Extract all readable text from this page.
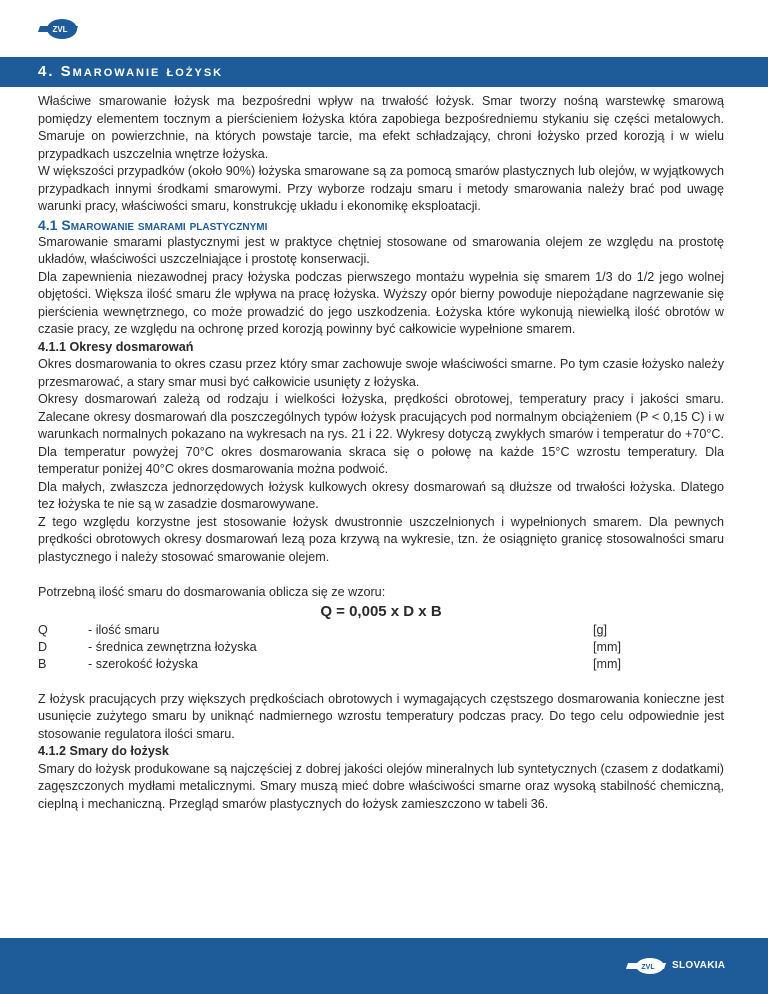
ZVL
4. Smarowanie łożysk

Właściwe smarowanie łożysk ma bezpośredni wpływ na trwałość łożysk. Smar tworzy nośną warstewkę smarową pomiędzy elementem tocznym a pierścieniem łożyska która zapobiega bezpośredniemu stykaniu się części metalowych. Smaruje on powierzchnie, na których powstaje tarcie, ma efekt schładzający, chroni łożysko przed korozją i w wielu przypadkach uszczelnia wnętrze łożyska.

W większości przypadków (około 90%) łożyska smarowane są za pomocą smarów plastycznych lub olejów, w wyjątkowych przypadkach innymi środkami smarowymi. Przy wyborze rodzaju smaru i metody smarowania należy brać pod uwagę warunki pracy, właściwości smaru, konstrukcję układu i ekonomikę eksploatacji.

4.1 Smarowanie smarami plastycznymi

Smarowanie smarami plastycznymi jest w praktyce chętniej stosowane od smarowania olejem ze względu na prostotę układów, właściwości uszczelniające i prostotę konserwacji.

Dla zapewnienia niezawodnej pracy łożyska podczas pierwszego montażu wypełnia się smarem 1/3 do 1/2 jego wolnej objętości. Większa ilość smaru źle wpływa na pracę łożyska. Wyższy opór bierny powoduje niepożądane nagrzewanie się pierścienia wewnętrznego, co może prowadzić do jego uszkodzenia. Łożyska które wykonują niewielką ilość obrotów w czasie pracy, ze względu na ochronę przed korozją powinny być całkowicie wypełnione smarem.

4.1.1 Okresy dosmarowań

Okres dosmarowania to okres czasu przez który smar zachowuje swoje właściwości smarne. Po tym czasie łożysko należy przesmarować, a stary smar musi być całkowicie usunięty z łożyska.

Okresy dosmarowań zależą od rodzaju i wielkości łożyska, prędkości obrotowej, temperatury pracy i jakości smaru. Zalecane okresy dosmarowań dla poszczególnych typów łożysk pracujących pod normalnym obciążeniem (P < 0,15 C) i w warunkach normalnych pokazano na wykresach na rys. 21 i 22. Wykresy dotyczą zwykłych smarów i temperatur do +70°C. Dla temperatur powyżej 70°C okres dosmarowania skraca się o połowę na każde 15°C wzrostu temperatury. Dla temperatur poniżej 40°C okres dosmarowania można podwoić.

Dla małych, zwłaszcza jednorzędowych łożysk kulkowych okresy dosmarowań są dłuższe od trwałości łożyska. Dlatego tez łożyska te nie są w zasadzie dosmarowywane.

Z tego względu korzystne jest stosowanie łożysk dwustronnie uszczelnionych i wypełnionych smarem. Dla pewnych prędkości obrotowych okresy dosmarowań lezą poza krzywą na wykresie, tzn. że osiągnięto granicę stosowalności smaru plastycznego i należy stosować smarowanie olejem.

Potrzebną ilość smaru do dosmarowania oblicza się ze wzoru:

Q = 0,005 x D x B

Q	- ilość smaru	[g]
D	- średnica zewnętrzna łożyska	[mm]
B	- szerokość łożyska	[mm]

Z łożysk pracujących przy większych prędkościach obrotowych i wymagających częstszego dosmarowania konieczne jest usunięcie zużytego smaru by uniknąć nadmiernego wzrostu temperatury podczas pracy. Do tego celu odpowiednie jest stosowanie regulatora ilości smaru.

4.1.2 Smary do łożysk

Smary do łożysk produkowane są najczęściej z dobrej jakości olejów mineralnych lub syntetycznych (czasem z dodatkami) zagęszczonych mydłami metalicznymi. Smary muszą mieć dobre właściwości smarne oraz wysoką stabilność chemiczną, cieplną i mechaniczną. Przegląd smarów plastycznych do łożysk zamieszczono w tabeli 36.

ZVL SLOVAKIA
